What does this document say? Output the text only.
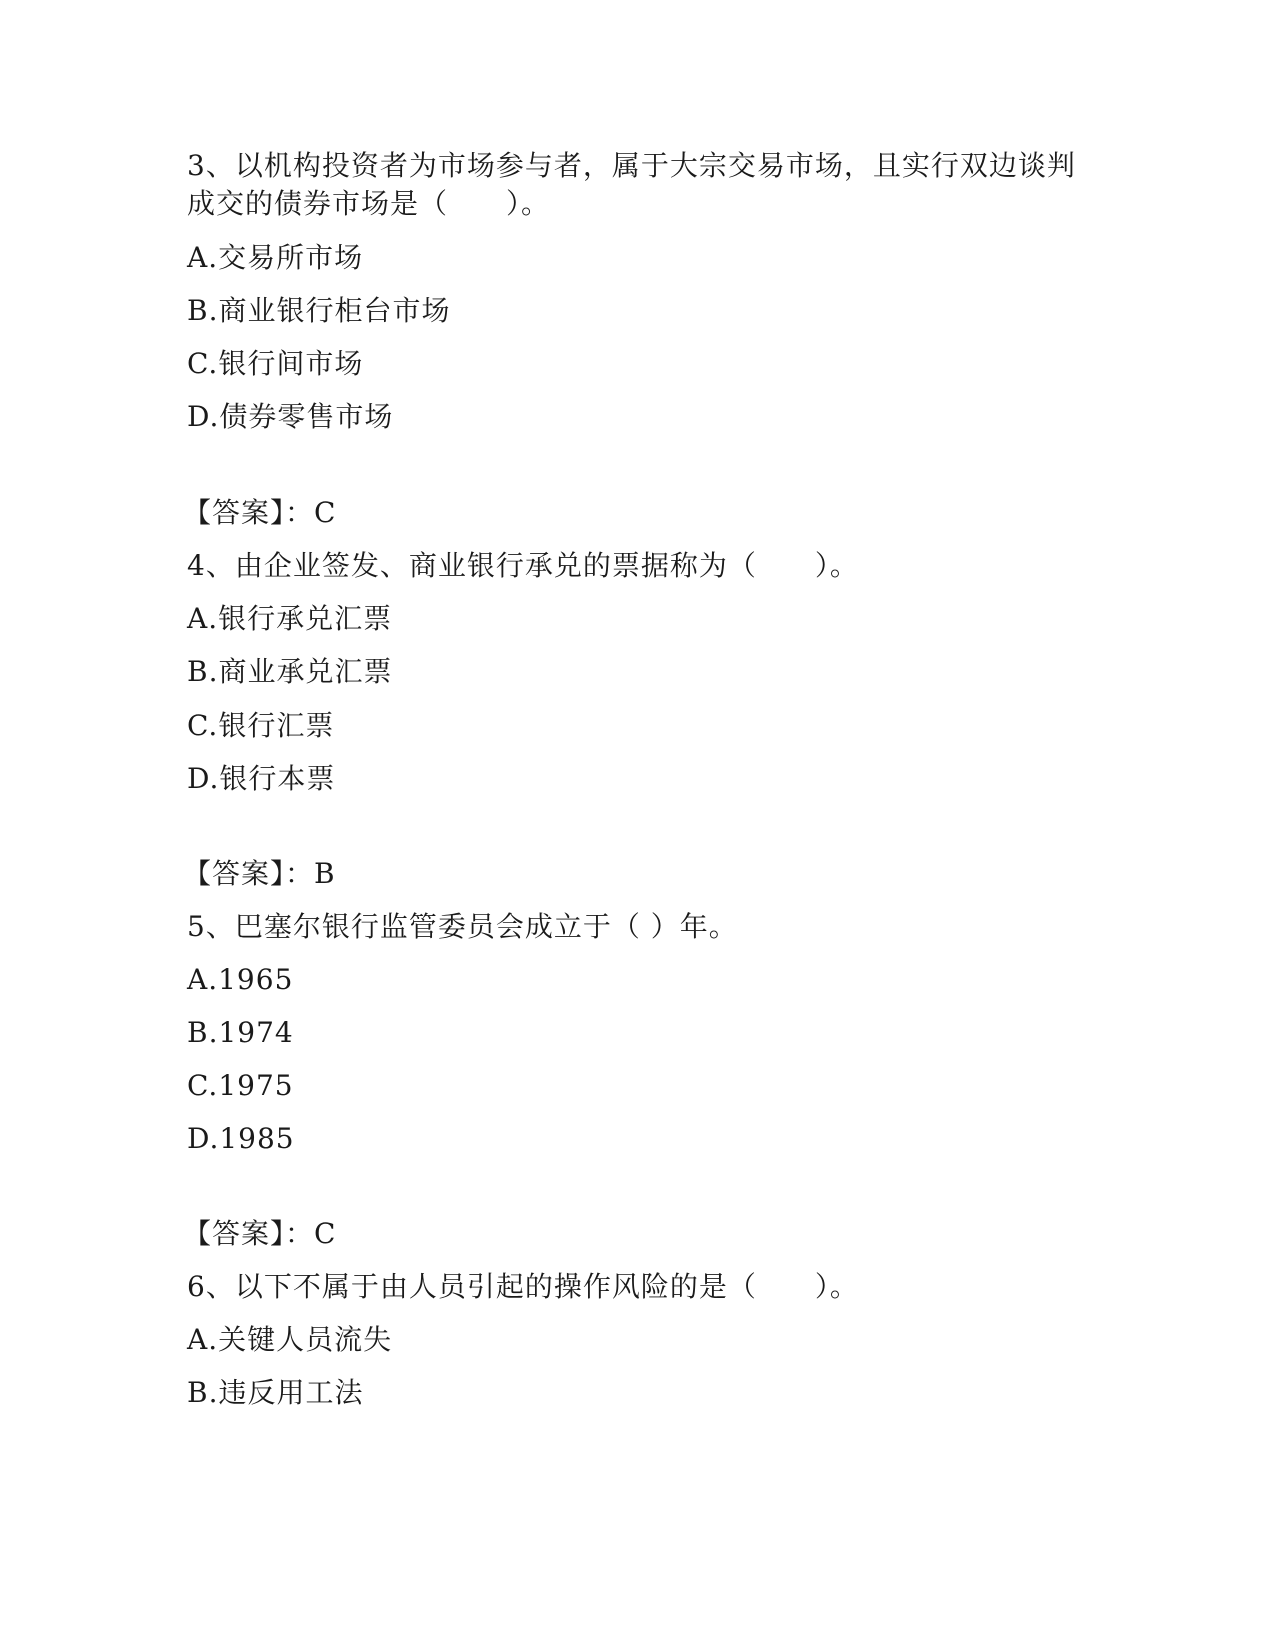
3、以机构投资者为市场参与者，属于大宗交易市场，且实行双边谈判
成交的债券市场是（　　）。
A.交易所市场
B.商业银行柜台市场
C.银行间市场
D.债券零售市场
【答案】：C
4、由企业签发、商业银行承兑的票据称为（　　）。
A.银行承兑汇票
B.商业承兑汇票
C.银行汇票
D.银行本票
【答案】：B
5、巴塞尔银行监管委员会成立于（ ）年。
A.1965
B.1974
C.1975
D.1985
【答案】：C
6、以下不属于由人员引起的操作风险的是（　　）。
A.关键人员流失
B.违反用工法
